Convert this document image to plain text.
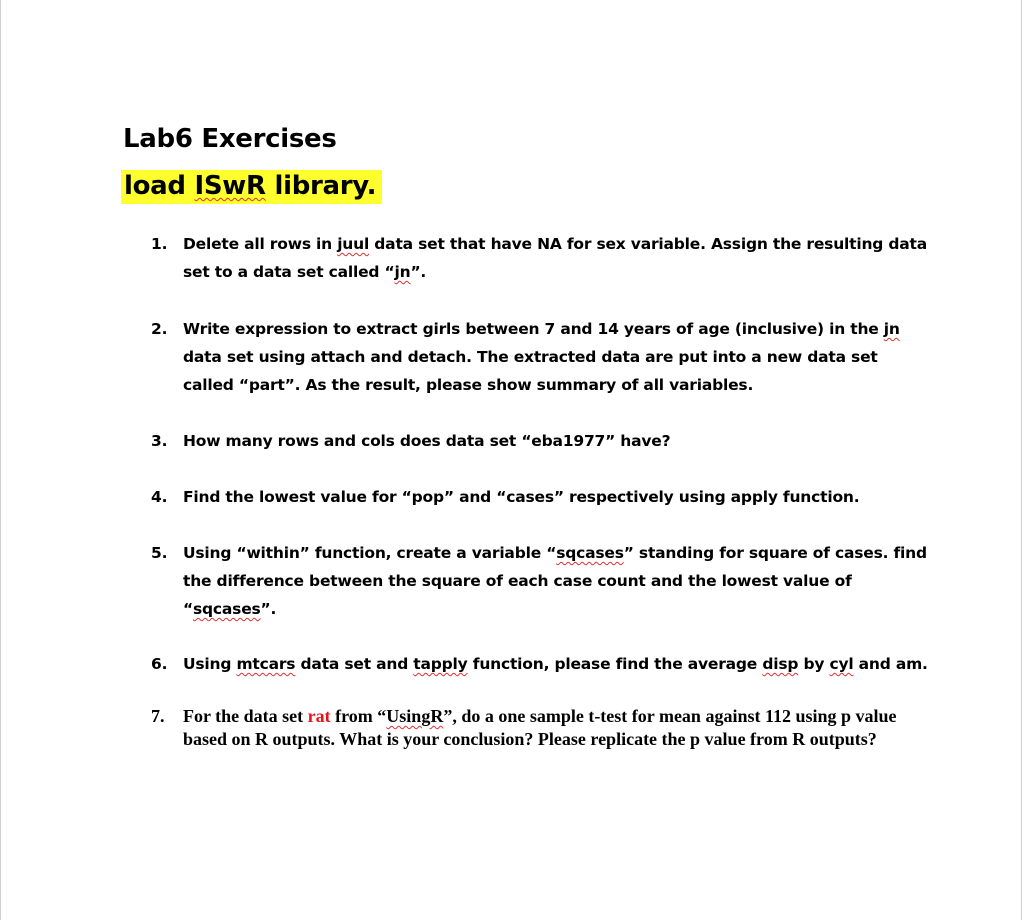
Lab6 Exercises
load ISwR library.
1. Delete all rows in juul data set that have NA for sex variable. Assign the resulting data set to a data set called “jn”.
2. Write expression to extract girls between 7 and 14 years of age (inclusive) in the jn data set using attach and detach. The extracted data are put into a new data set called “part”. As the result, please show summary of all variables.
3. How many rows and cols does data set “eba1977” have?
4. Find the lowest value for “pop” and “cases” respectively using apply function.
5. Using “within” function, create a variable “sqcases” standing for square of cases. find the difference between the square of each case count and the lowest value of “sqcases”.
6. Using mtcars data set and tapply function, please find the average disp by cyl and am.
7. For the data set rat from “UsingR”, do a one sample t-test for mean against 112 using p value based on R outputs. What is your conclusion? Please replicate the p value from R outputs?
